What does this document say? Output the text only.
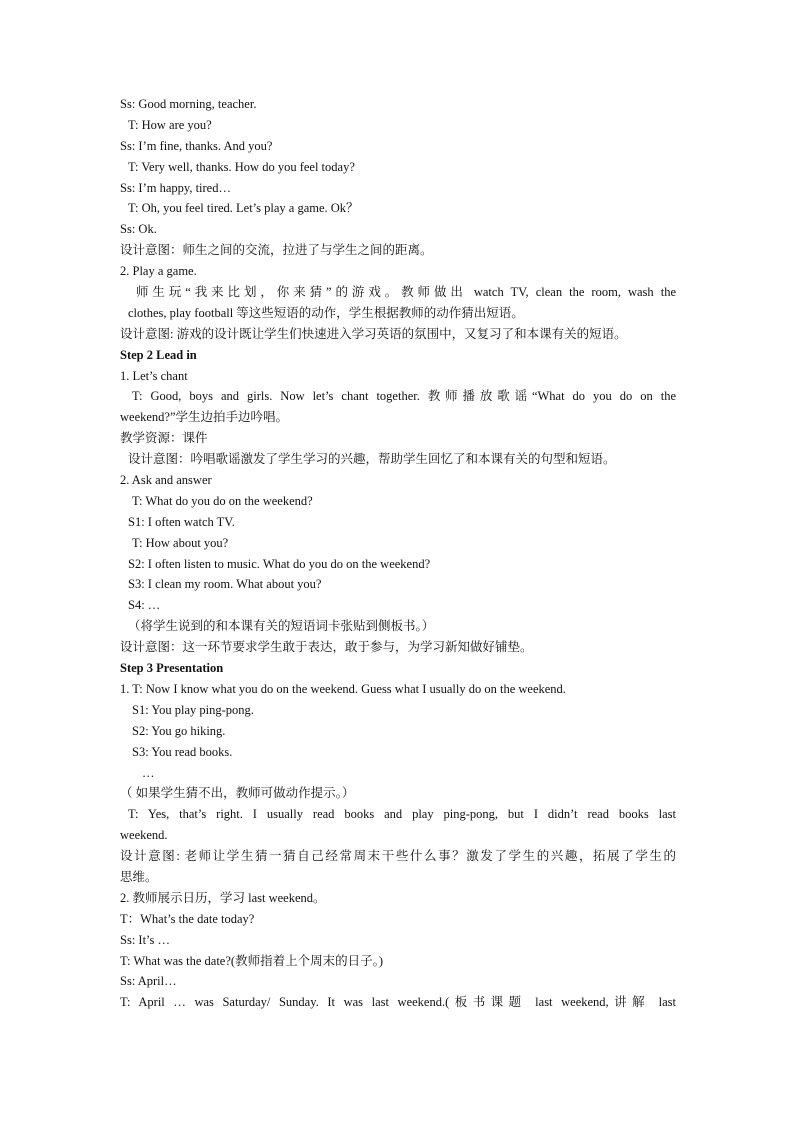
Ss: Good morning, teacher.
T: How are you?
Ss: I’m fine, thanks. And you?
T: Very well, thanks. How do you feel today?
Ss: I’m happy, tired…
T: Oh, you feel tired. Let’s play a game. Ok？
Ss: Ok.
设计意图：师生之间的交流，拉进了与学生之间的距离。
2. Play a game.
师生玩“我来比划，你来猜”的游戏。教师做出 watch TV, clean the room, wash the
clothes, play football 等这些短语的动作，学生根据教师的动作猜出短语。
设计意图: 游戏的设计既让学生们快速进入学习英语的氛围中，又复习了和本课有关的短语。
Step 2 Lead in
1. Let’s chant
T: Good, boys and girls. Now let’s chant together. 教师播放歌谣“What do you do on the
weekend?”学生边拍手边吟唱。
教学资源：课件
设计意图：吟唱歌谣激发了学生学习的兴趣，帮助学生回忆了和本课有关的句型和短语。
2. Ask and answer
T: What do you do on the weekend?
S1: I often watch TV.
T: How about you?
S2: I often listen to music. What do you do on the weekend?
S3: I clean my room. What about you?
S4: …
（将学生说到的和本课有关的短语词卡张贴到侧板书。）
设计意图：这一环节要求学生敢于表达，敢于参与，为学习新知做好铺垫。
Step 3 Presentation
1. T: Now I know what you do on the weekend. Guess what I usually do on the weekend.
S1: You play ping-pong.
S2: You go hiking.
S3: You read books.
…
（ 如果学生猜不出，教师可做动作提示。）
T: Yes, that’s right. I usually read books and play ping-pong, but I didn’t read books last
weekend.
设计意图: 老师让学生猜一猜自己经常周末干些什么事？激发了学生的兴趣，拓展了学生的
思维。
2. 教师展示日历，学习 last weekend。
T：What’s the date today?
Ss: It’s …
T: What was the date?(教师指着上个周末的日子。)
Ss: April…
T: April … was Saturday/ Sunday. It was last weekend.(板书课题 last weekend,讲解 last
